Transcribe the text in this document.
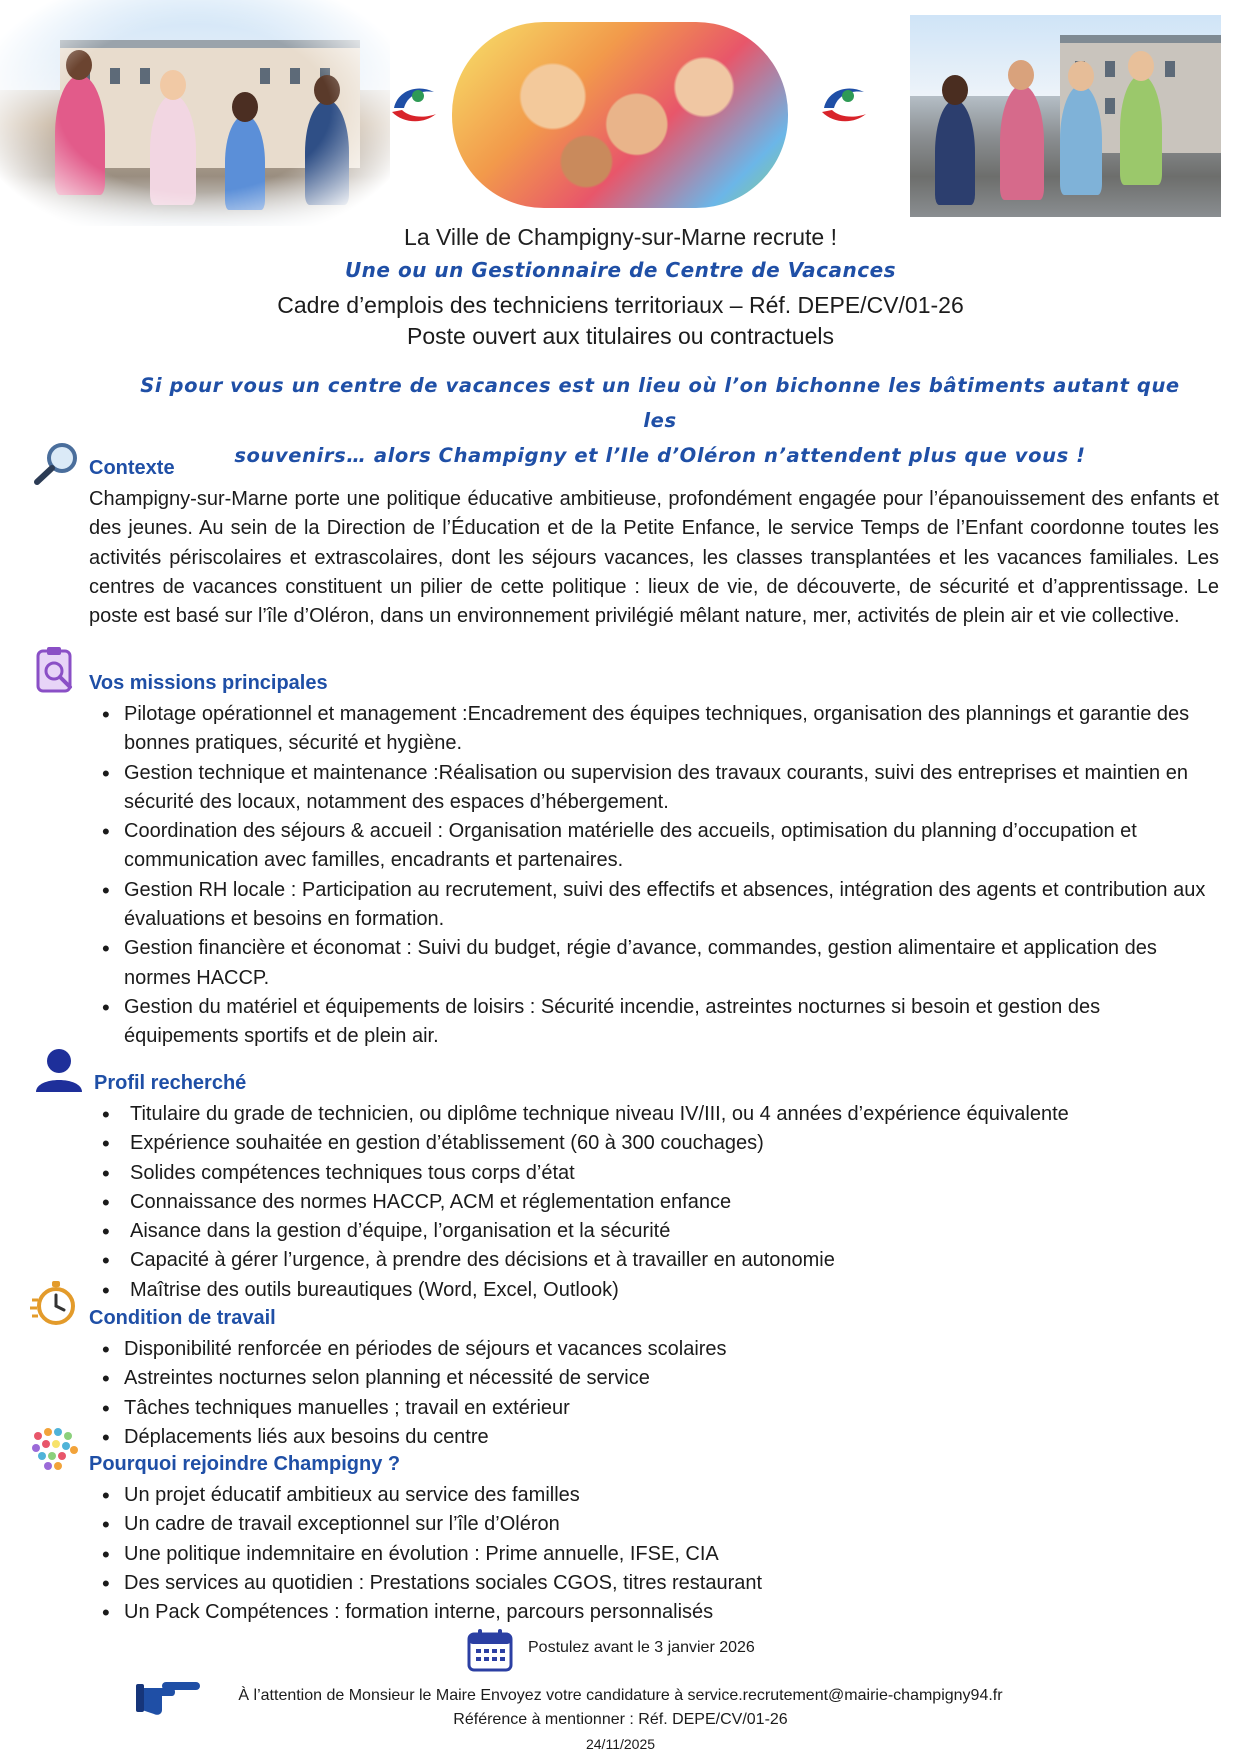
La Ville de Champigny-sur-Marne recrute !
Une ou un Gestionnaire de Centre de Vacances
Cadre d’emplois des techniciens territoriaux – Réf. DEPE/CV/01-26
Poste ouvert aux titulaires ou contractuels
Si pour vous un centre de vacances est un lieu où l’on bichonne les bâtiments autant que les
souvenirs… alors Champigny et l’Ile d’Oléron n’attendent plus que vous !
Contexte

Champigny-sur-Marne porte une politique éducative ambitieuse, profondément engagée pour l’épanouissement des enfants et des jeunes. Au sein de la Direction de l’Éducation et de la Petite Enfance, le service Temps de l’Enfant coordonne toutes les activités périscolaires et extrascolaires, dont les séjours vacances, les classes transplantées et les vacances familiales. Les centres de vacances constituent un pilier de cette politique : lieux de vie, de découverte, de sécurité et d’apprentissage. Le poste est basé sur l’île d’Oléron, dans un environnement privilégié mêlant nature, mer, activités de plein air et vie collective.

Vos missions principales
• Pilotage opérationnel et management :Encadrement des équipes techniques, organisation des plannings et garantie des bonnes pratiques, sécurité et hygiène.
• Gestion technique et maintenance :Réalisation ou supervision des travaux courants, suivi des entreprises et maintien en sécurité des locaux, notamment des espaces d’hébergement.
• Coordination des séjours & accueil : Organisation matérielle des accueils, optimisation du planning d’occupation et communication avec familles, encadrants et partenaires.
• Gestion RH locale : Participation au recrutement, suivi des effectifs et absences, intégration des agents et contribution aux évaluations et besoins en formation.
• Gestion financière et économat : Suivi du budget, régie d’avance, commandes, gestion alimentaire et application des normes HACCP.
• Gestion du matériel et équipements de loisirs : Sécurité incendie, astreintes nocturnes si besoin et gestion des équipements sportifs et de plein air.
Profil recherché
• Titulaire du grade de technicien, ou diplôme technique niveau IV/III, ou 4 années d’expérience équivalente
• Expérience souhaitée en gestion d’établissement (60 à 300 couchages)
• Solides compétences techniques tous corps d’état
• Connaissance des normes HACCP, ACM et réglementation enfance
• Aisance dans la gestion d’équipe, l’organisation et la sécurité
• Capacité à gérer l’urgence, à prendre des décisions et à travailler en autonomie
• Maîtrise des outils bureautiques (Word, Excel, Outlook)
Condition de travail
• Disponibilité renforcée en périodes de séjours et vacances scolaires
• Astreintes nocturnes selon planning et nécessité de service
• Tâches techniques manuelles ; travail en extérieur
• Déplacements liés aux besoins du centre
Pourquoi rejoindre Champigny ?
• Un projet éducatif ambitieux au service des familles
• Un cadre de travail exceptionnel sur l’île d’Oléron
• Une politique indemnitaire en évolution : Prime annuelle, IFSE, CIA
• Des services au quotidien : Prestations sociales CGOS, titres restaurant
• Un Pack Compétences : formation interne, parcours personnalisés
Postulez avant le 3 janvier 2026
À l’attention de Monsieur le Maire Envoyez votre candidature à service.recrutement@mairie-champigny94.fr
Référence à mentionner : Réf. DEPE/CV/01-26
24/11/2025
